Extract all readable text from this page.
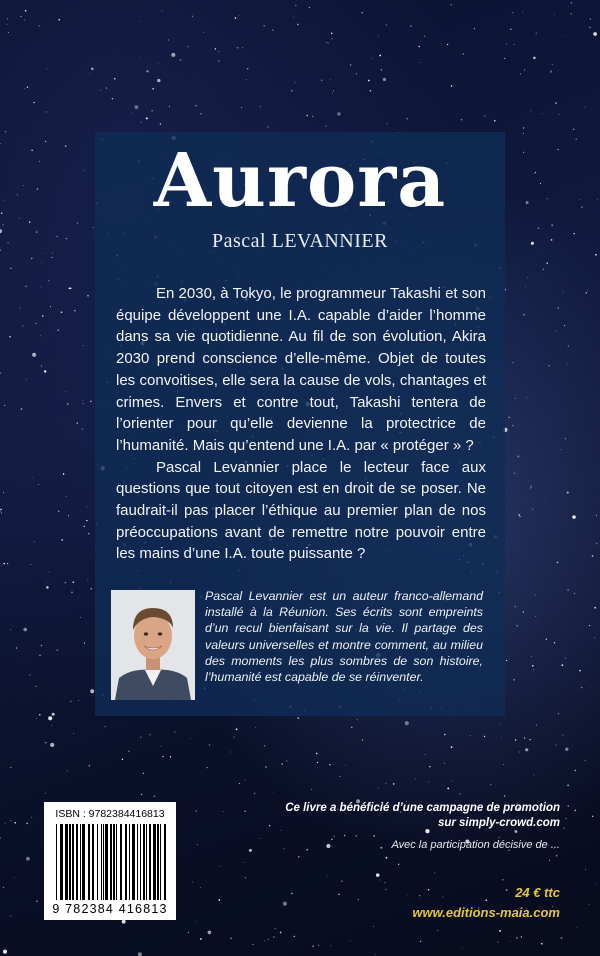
Aurora
Pascal LEVANNIER

En 2030, à Tokyo, le programmeur Takashi et son équipe développent une I.A. capable d’aider l’homme dans sa vie quotidienne. Au fil de son évolution, Akira 2030 prend conscience d’elle-même. Objet de toutes les convoitises, elle sera la cause de vols, chantages et crimes. Envers et contre tout, Takashi tentera de l’orienter pour qu’elle devienne la protectrice de l’humanité. Mais qu’entend une I.A. par « protéger » ?

Pascal Levannier place le lecteur face aux questions que tout citoyen est en droit de se poser. Ne faudrait-il pas placer l’éthique au premier plan de nos préoccupations avant de remettre notre pouvoir entre les mains d’une I.A. toute puissante ?

Pascal Levannier est un auteur franco-allemand installé à la Réunion. Ses écrits sont empreints d’un recul bienfaisant sur la vie. Il partage des valeurs universelles et montre comment, au milieu des moments les plus sombres de son histoire, l’humanité est capable de se réinventer.
ISBN : 9782384416813
9 782384 416813
Ce livre a bénéficié d’une campagne de promotion
sur simply-crowd.com
Avec la participation décisive de ...
24 € ttc
www.editions-maia.com
